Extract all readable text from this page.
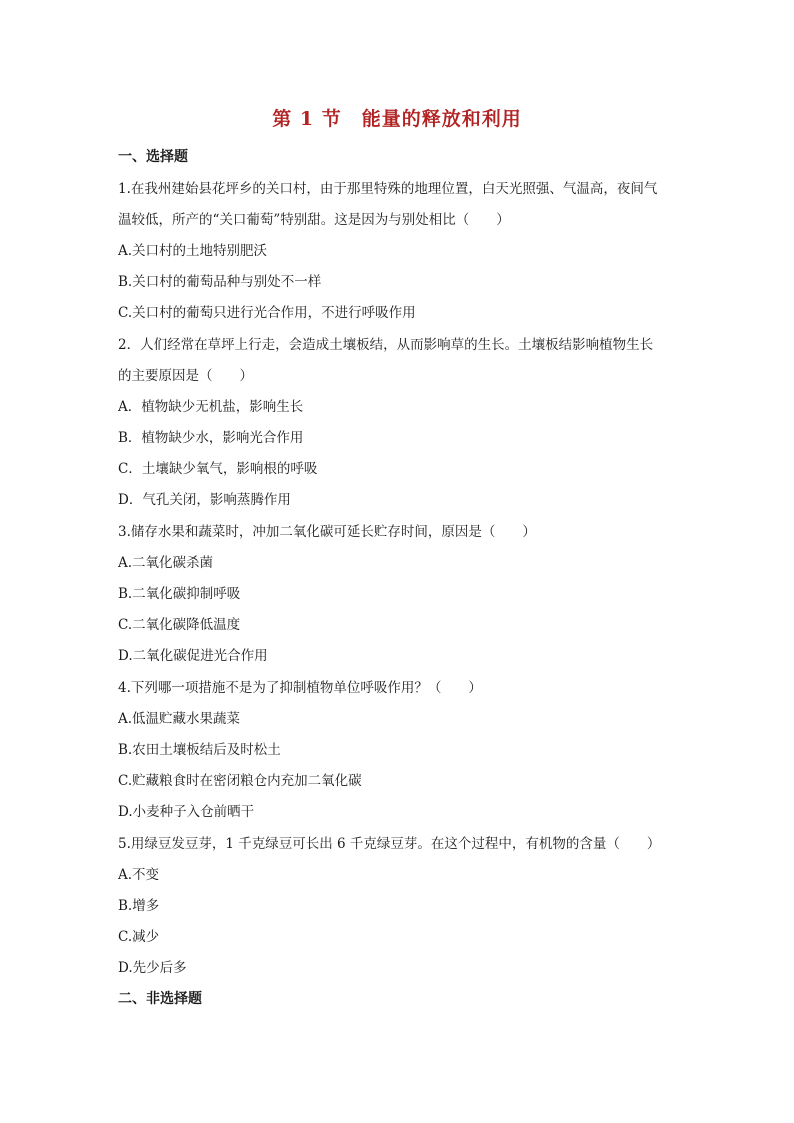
第 1 节　能量的释放和利用
一、选择题
1.在我州建始县花坪乡的关口村，由于那里特殊的地理位置，白天光照强、气温高，夜间气
温较低，所产的“关口葡萄”特别甜。这是因为与别处相比（　　）
A.关口村的土地特别肥沃
B.关口村的葡萄品种与别处不一样
C.关口村的葡萄只进行光合作用，不进行呼吸作用
2．人们经常在草坪上行走，会造成土壤板结，从而影响草的生长。土壤板结影响植物生长
的主要原因是（　　）
A．植物缺少无机盐，影响生长
B．植物缺少水，影响光合作用
C．土壤缺少氧气，影响根的呼吸
D．气孔关闭，影响蒸腾作用
3.储存水果和蔬菜时，冲加二氧化碳可延长贮存时间，原因是（　　）
A.二氧化碳杀菌
B.二氧化碳抑制呼吸
C.二氧化碳降低温度
D.二氧化碳促进光合作用
4.下列哪一项措施不是为了抑制植物单位呼吸作用？（　　）
A.低温贮藏水果蔬菜
B.农田土壤板结后及时松土
C.贮藏粮食时在密闭粮仓内充加二氧化碳
D.小麦种子入仓前晒干
5.用绿豆发豆芽，1 千克绿豆可长出 6 千克绿豆芽。在这个过程中，有机物的含量（　　）
A.不变
B.增多
C.减少
D.先少后多
二、非选择题
